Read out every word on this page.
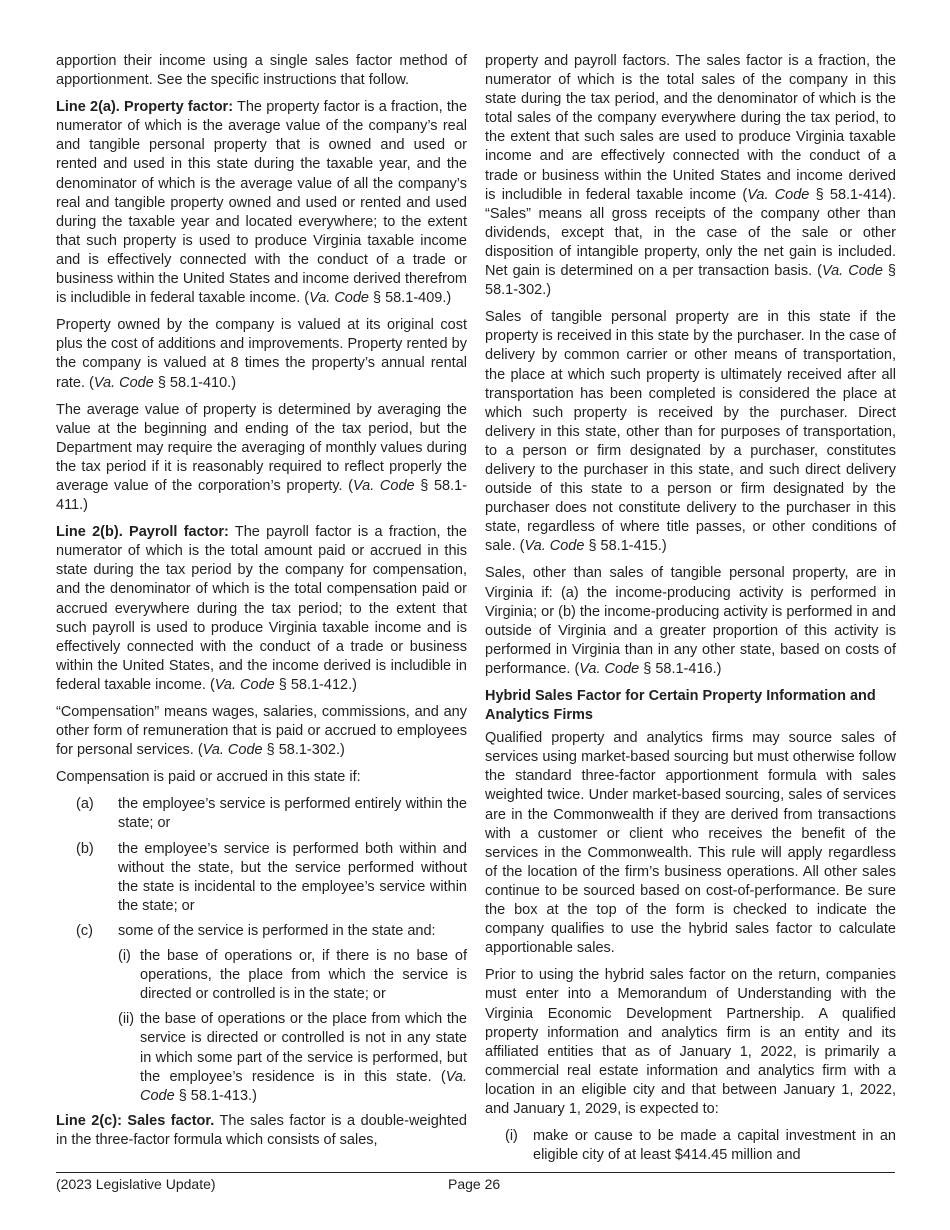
apportion their income using a single sales factor method of apportionment. See the specific instructions that follow.

Line 2(a). Property factor: The property factor is a fraction, the numerator of which is the average value of the company’s real and tangible personal property that is owned and used or rented and used in this state during the taxable year, and the denominator of which is the average value of all the company’s real and tangible property owned and used or rented and used during the taxable year and located everywhere; to the extent that such property is used to produce Virginia taxable income and is effectively connected with the conduct of a trade or business within the United States and income derived therefrom is includible in federal taxable income. (Va. Code § 58.1-409.)

Property owned by the company is valued at its original cost plus the cost of additions and improvements. Property rented by the company is valued at 8 times the property’s annual rental rate. (Va. Code § 58.1-410.)

The average value of property is determined by averaging the value at the beginning and ending of the tax period, but the Department may require the averaging of monthly values during the tax period if it is reasonably required to reflect properly the average value of the corporation’s property. (Va. Code § 58.1-411.)

Line 2(b). Payroll factor: The payroll factor is a fraction, the numerator of which is the total amount paid or accrued in this state during the tax period by the company for compensation, and the denominator of which is the total compensation paid or accrued everywhere during the tax period; to the extent that such payroll is used to produce Virginia taxable income and is effectively connected with the conduct of a trade or business within the United States, and the income derived is includible in federal taxable income. (Va. Code § 58.1-412.)

“Compensation” means wages, salaries, commissions, and any other form of remuneration that is paid or accrued to employees for personal services. (Va. Code § 58.1-302.)

Compensation is paid or accrued in this state if:

(a)	the employee’s service is performed entirely within the state; or
(b)	the employee’s service is performed both within and without the state, but the service performed without the state is incidental to the employee’s service within the state; or
(c)	some of the service is performed in the state and:
(i) the base of operations or, if there is no base of operations, the place from which the service is directed or controlled is in the state; or
(ii) the base of operations or the place from which the service is directed or controlled is not in any state in which some part of the service is performed, but the employee’s residence is in this state. (Va. Code § 58.1-413.)

Line 2(c): Sales factor. The sales factor is a double-weighted in the three-factor formula which consists of sales,

property and payroll factors. The sales factor is a fraction, the numerator of which is the total sales of the company in this state during the tax period, and the denominator of which is the total sales of the company everywhere during the tax period, to the extent that such sales are used to produce Virginia taxable income and are effectively connected with the conduct of a trade or business within the United States and income derived is includible in federal taxable income (Va. Code § 58.1-414). “Sales” means all gross receipts of the company other than dividends, except that, in the case of the sale or other disposition of intangible property, only the net gain is included. Net gain is determined on a per transaction basis. (Va. Code § 58.1-302.)

Sales of tangible personal property are in this state if the property is received in this state by the purchaser. In the case of delivery by common carrier or other means of transportation, the place at which such property is ultimately received after all transportation has been completed is considered the place at which such property is received by the purchaser. Direct delivery in this state, other than for purposes of transportation, to a person or firm designated by a purchaser, constitutes delivery to the purchaser in this state, and such direct delivery outside of this state to a person or firm designated by the purchaser does not constitute delivery to the purchaser in this state, regardless of where title passes, or other conditions of sale. (Va. Code § 58.1-415.)

Sales, other than sales of tangible personal property, are in Virginia if: (a) the income-producing activity is performed in Virginia; or (b) the income-producing activity is performed in and outside of Virginia and a greater proportion of this activity is performed in Virginia than in any other state, based on costs of performance. (Va. Code § 58.1-416.)

Hybrid Sales Factor for Certain Property Information and Analytics Firms

Qualified property and analytics firms may source sales of services using market-based sourcing but must otherwise follow the standard three-factor apportionment formula with sales weighted twice. Under market-based sourcing, sales of services are in the Commonwealth if they are derived from transactions with a customer or client who receives the benefit of the services in the Commonwealth. This rule will apply regardless of the location of the firm’s business operations. All other sales continue to be sourced based on cost-of-performance. Be sure the box at the top of the form is checked to indicate the company qualifies to use the hybrid sales factor to calculate apportionable sales.

Prior to using the hybrid sales factor on the return, companies must enter into a Memorandum of Understanding with the Virginia Economic Development Partnership. A qualified property information and analytics firm is an entity and its affiliated entities that as of January 1, 2022, is primarily a commercial real estate information and analytics firm with a location in an eligible city and that between January 1, 2022, and January 1, 2029, is expected to:

(i)	make or cause to be made a capital investment in an eligible city of at least $414.45 million and
(2023 Legislative Update)	Page 26
